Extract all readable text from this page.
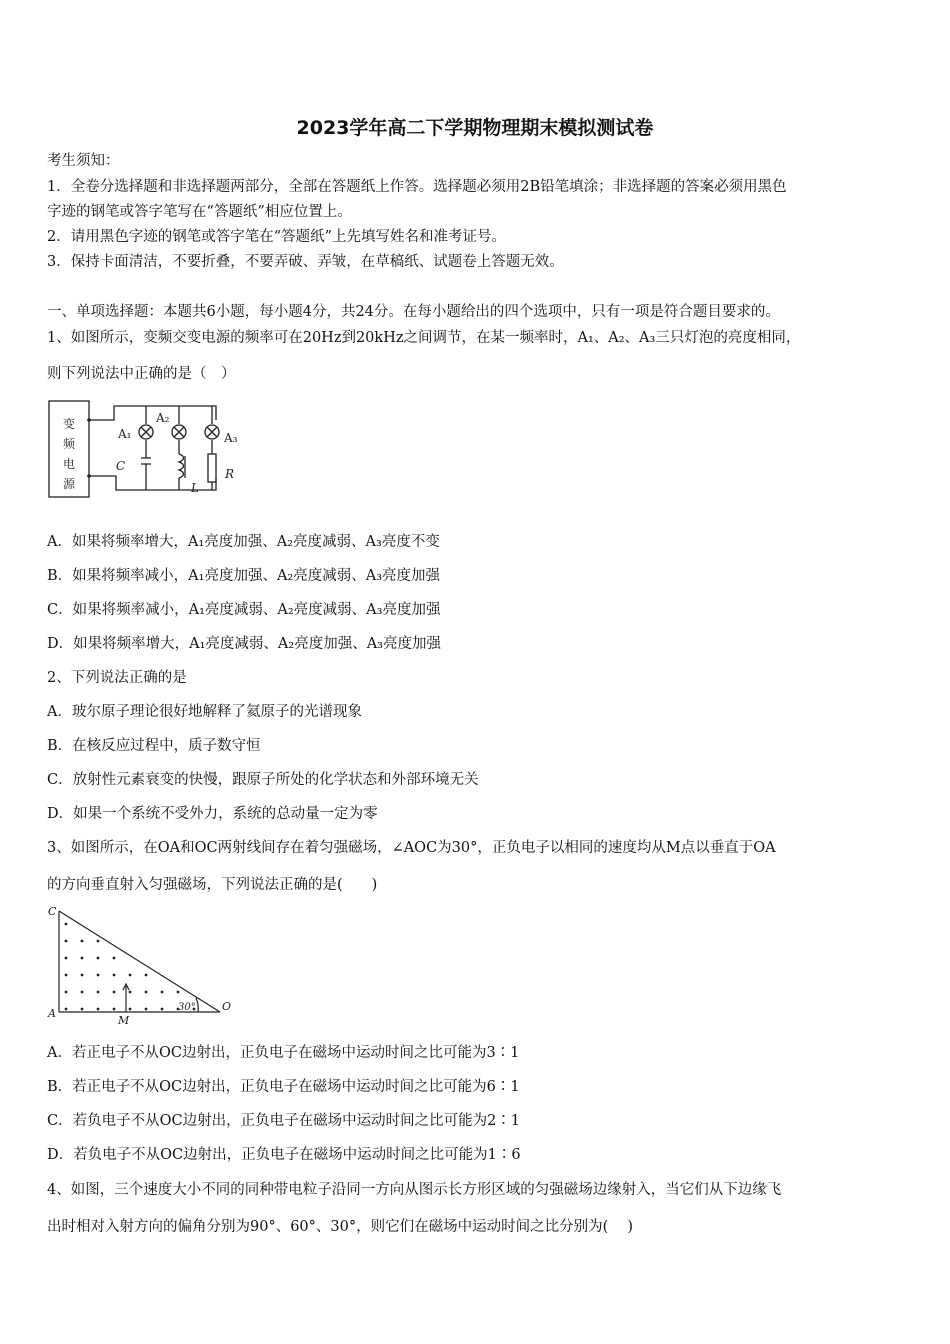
2023学年高二下学期物理期末模拟测试卷
考生须知：
1．全卷分选择题和非选择题两部分，全部在答题纸上作答。选择题必须用2B铅笔填涂；非选择题的答案必须用黑色
字迹的钢笔或答字笔写在“答题纸”相应位置上。
2．请用黑色字迹的钢笔或答字笔在“答题纸”上先填写姓名和准考证号。
3．保持卡面清洁，不要折叠，不要弄破、弄皱，在草稿纸、试题卷上答题无效。
一、单项选择题：本题共6小题，每小题4分，共24分。在每小题给出的四个选项中，只有一项是符合题目要求的。
1、如图所示，变频交变电源的频率可在20Hz到20kHz之间调节，在某一频率时，A₁、A₂、A₃三只灯泡的亮度相同，
则下列说法中正确的是（　）
变
频
电
源
A₁
A₂
A₃
C
L
R
A．如果将频率增大，A₁亮度加强、A₂亮度减弱、A₃亮度不变
B．如果将频率减小，A₁亮度加强、A₂亮度减弱、A₃亮度加强
C．如果将频率减小，A₁亮度减弱、A₂亮度减弱、A₃亮度加强
D．如果将频率增大，A₁亮度减弱、A₂亮度加强、A₃亮度加强
2、下列说法正确的是
A．玻尔原子理论很好地解释了氦原子的光谱现象
B．在核反应过程中，质子数守恒
C．放射性元素衰变的快慢，跟原子所处的化学状态和外部环境无关
D．如果一个系统不受外力，系统的总动量一定为零
3、如图所示，在OA和OC两射线间存在着匀强磁场，∠AOC为30°，正负电子以相同的速度均从M点以垂直于OA
的方向垂直射入匀强磁场，下列说法正确的是(　　)
C
A
M
O
30°
A．若正电子不从OC边射出，正负电子在磁场中运动时间之比可能为3∶1
B．若正电子不从OC边射出，正负电子在磁场中运动时间之比可能为6∶1
C．若负电子不从OC边射出，正负电子在磁场中运动时间之比可能为2∶1
D．若负电子不从OC边射出，正负电子在磁场中运动时间之比可能为1∶6
4、如图，三个速度大小不同的同种带电粒子沿同一方向从图示长方形区域的匀强磁场边缘射入，当它们从下边缘飞
出时相对入射方向的偏角分别为90°、60°、30°，则它们在磁场中运动时间之比分别为(　 )
